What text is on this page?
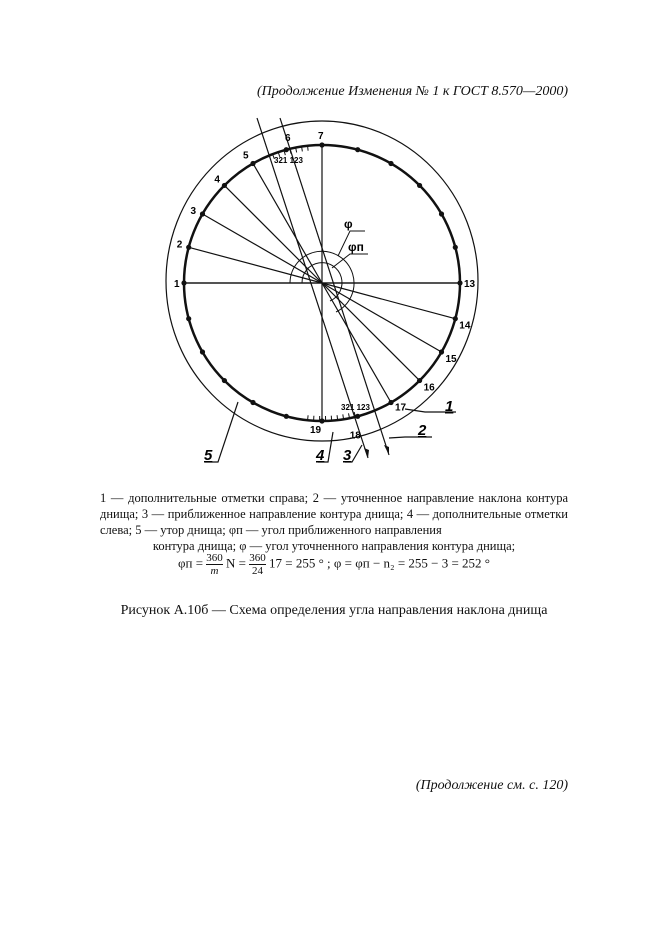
(Продолжение Изменения № 1 к ГОСТ 8.570—2000)
φ
φп
321 123
321 123
1
2
3
4
5
6	7
13
14
15
16
17
18
19
1
2
3
4
5
1 — дополнительные отметки справа; 2 — уточненное направление наклона контура днища; 3 — приближенное направление контура днища; 4 — дополнительные отметки слева; 5 — утор днища; φп — угол приближенного направления
контура днища; φ — угол уточненного направления контура днища;
$\varphi п = \frac{360}{m}$ $N = \frac{360}{24} 17 = 255$ ° ; φ = φп − n₂ = 255 − 3 = 252 °
Рисунок А.10б — Схема определения угла направления наклона днища
(Продолжение см. с. 120)
